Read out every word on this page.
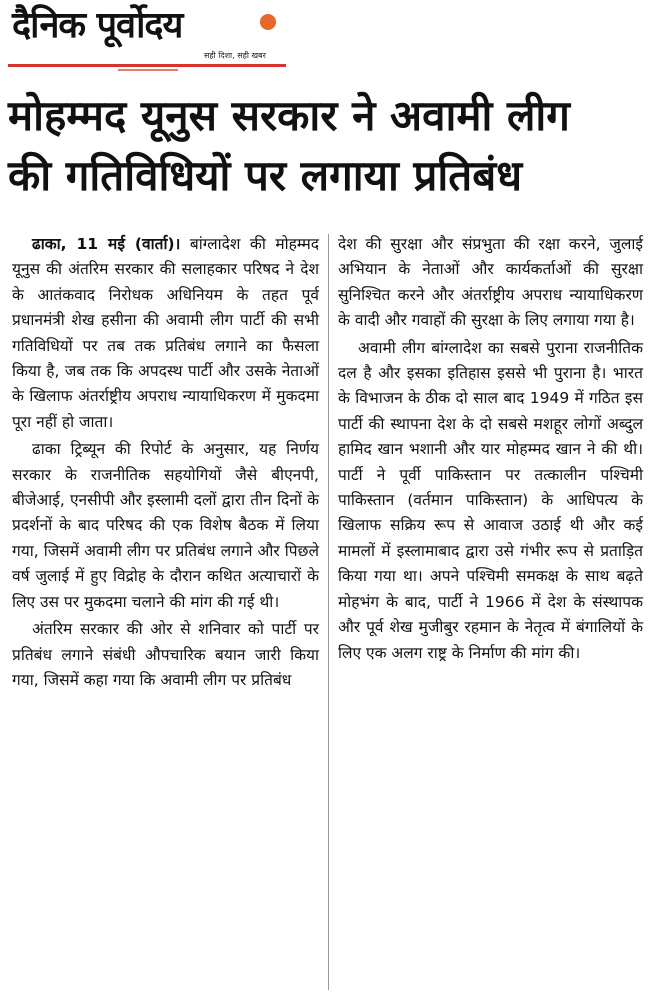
दैनिक पूर्वोदय
सही दिशा, सही खबर
मोहम्मद यूनुस सरकार ने अवामी लीग
की गतिविधियों पर लगाया प्रतिबंध

ढाका, 11 मई (वार्ता)। बांग्लादेश की मोहम्मद यूनुस की अंतरिम सरकार की सलाहकार परिषद ने देश के आतंकवाद निरोधक अधिनियम के तहत पूर्व प्रधानमंत्री शेख हसीना की अवामी लीग पार्टी की सभी गतिविधियों पर तब तक प्रतिबंध लगाने का फैसला किया है, जब तक कि अपदस्थ पार्टी और उसके नेताओं के खिलाफ अंतर्राष्ट्रीय अपराध न्यायाधिकरण में मुकदमा पूरा नहीं हो जाता।

ढाका ट्रिब्यून की रिपोर्ट के अनुसार, यह निर्णय सरकार के राजनीतिक सहयोगियों जैसे बीएनपी, बीजेआई, एनसीपी और इस्लामी दलों द्वारा तीन दिनों के प्रदर्शनों के बाद परिषद की एक विशेष बैठक में लिया गया, जिसमें अवामी लीग पर प्रतिबंध लगाने और पिछले वर्ष जुलाई में हुए विद्रोह के दौरान कथित अत्याचारों के लिए उस पर मुकदमा चलाने की मांग की गई थी।

अंतरिम सरकार की ओर से शनिवार को पार्टी पर प्रतिबंध लगाने संबंधी औपचारिक बयान जारी किया गया, जिसमें कहा गया कि अवामी लीग पर प्रतिबंध

देश की सुरक्षा और संप्रभुता की रक्षा करने, जुलाई अभियान के नेताओं और कार्यकर्ताओं की सुरक्षा सुनिश्चित करने और अंतर्राष्ट्रीय अपराध न्यायाधिकरण के वादी और गवाहों की सुरक्षा के लिए लगाया गया है।

अवामी लीग बांग्लादेश का सबसे पुराना राजनीतिक दल है और इसका इतिहास इससे भी पुराना है। भारत के विभाजन के ठीक दो साल बाद 1949 में गठित इस पार्टी की स्थापना देश के दो सबसे मशहूर लोगों अब्दुल हामिद खान भशानी और यार मोहम्मद खान ने की थी। पार्टी ने पूर्वी पाकिस्तान पर तत्कालीन पश्चिमी पाकिस्तान (वर्तमान पाकिस्तान) के आधिपत्य के खिलाफ सक्रिय रूप से आवाज उठाई थी और कई मामलों में इस्लामाबाद द्वारा उसे गंभीर रूप से प्रताड़ित किया गया था। अपने पश्चिमी समकक्ष के साथ बढ़ते मोहभंग के बाद, पार्टी ने 1966 में देश के संस्थापक और पूर्व शेख मुजीबुर रहमान के नेतृत्व में बंगालियों के लिए एक अलग राष्ट्र के निर्माण की मांग की।
